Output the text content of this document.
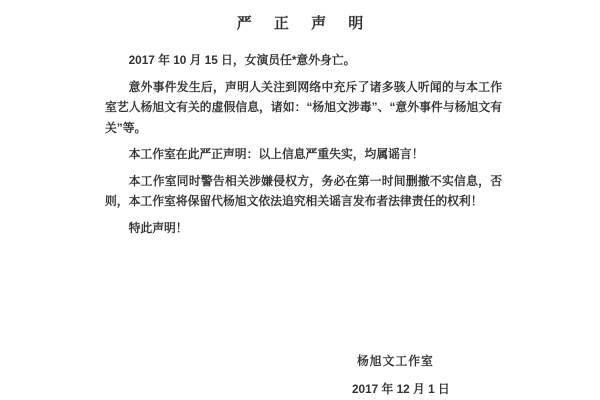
严 正 声 明

2017 年 10 月 15 日，女演员任*意外身亡。

意外事件发生后，声明人关注到网络中充斥了诸多骇人听闻的与本工作室艺人杨旭文有关的虚假信息，诸如：“杨旭文涉毒”、“意外事件与杨旭文有关”等。

本工作室在此严正声明：以上信息严重失实，均属谣言！

本工作室同时警告相关涉嫌侵权方，务必在第一时间删撤不实信息，否则，本工作室将保留代杨旭文依法追究相关谣言发布者法律责任的权利！

特此声明！

杨旭文工作室
2017 年 12 月 1 日
